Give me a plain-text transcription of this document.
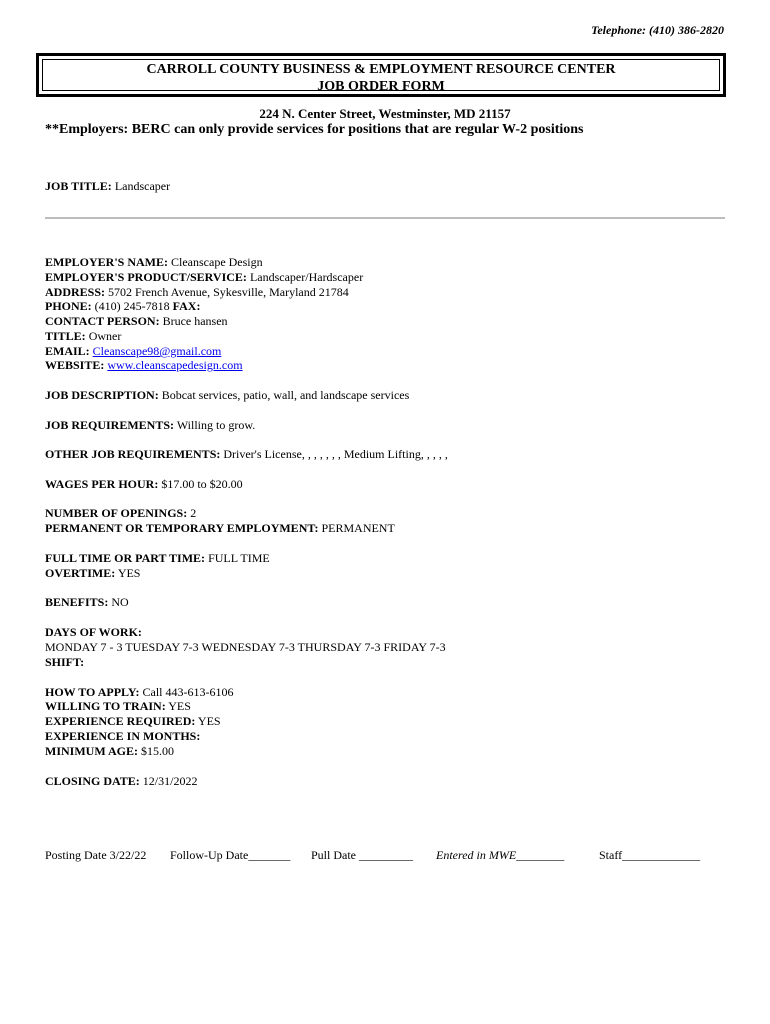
Telephone: (410) 386-2820
CARROLL COUNTY BUSINESS & EMPLOYMENT RESOURCE CENTER
JOB ORDER FORM
224 N. Center Street, Westminster, MD 21157
**Employers: BERC can only provide services for positions that are regular W-2 positions
JOB TITLE: Landscaper
EMPLOYER'S NAME: Cleanscape Design
EMPLOYER'S PRODUCT/SERVICE: Landscaper/Hardscaper
ADDRESS: 5702 French Avenue, Sykesville, Maryland 21784
PHONE: (410) 245-7818 FAX:
CONTACT PERSON: Bruce hansen
TITLE: Owner
EMAIL: Cleanscape98@gmail.com
WEBSITE: www.cleanscapedesign.com
JOB DESCRIPTION: Bobcat services, patio, wall, and landscape services
JOB REQUIREMENTS: Willing to grow.
OTHER JOB REQUIREMENTS: Driver's License, , , , , , , Medium Lifting, , , , ,
WAGES PER HOUR: $17.00 to $20.00
NUMBER OF OPENINGS: 2
PERMANENT OR TEMPORARY EMPLOYMENT: PERMANENT
FULL TIME OR PART TIME: FULL TIME
OVERTIME: YES
BENEFITS: NO
DAYS OF WORK:
MONDAY 7 - 3 TUESDAY 7-3 WEDNESDAY 7-3 THURSDAY 7-3 FRIDAY 7-3
SHIFT:
HOW TO APPLY: Call 443-613-6106
WILLING TO TRAIN: YES
EXPERIENCE REQUIRED: YES
EXPERIENCE IN MONTHS:
MINIMUM AGE: $15.00
CLOSING DATE: 12/31/2022
Posting Date 3/22/22 Follow-Up Date_______ Pull Date _________ Entered in MWE________	Staff_____________
